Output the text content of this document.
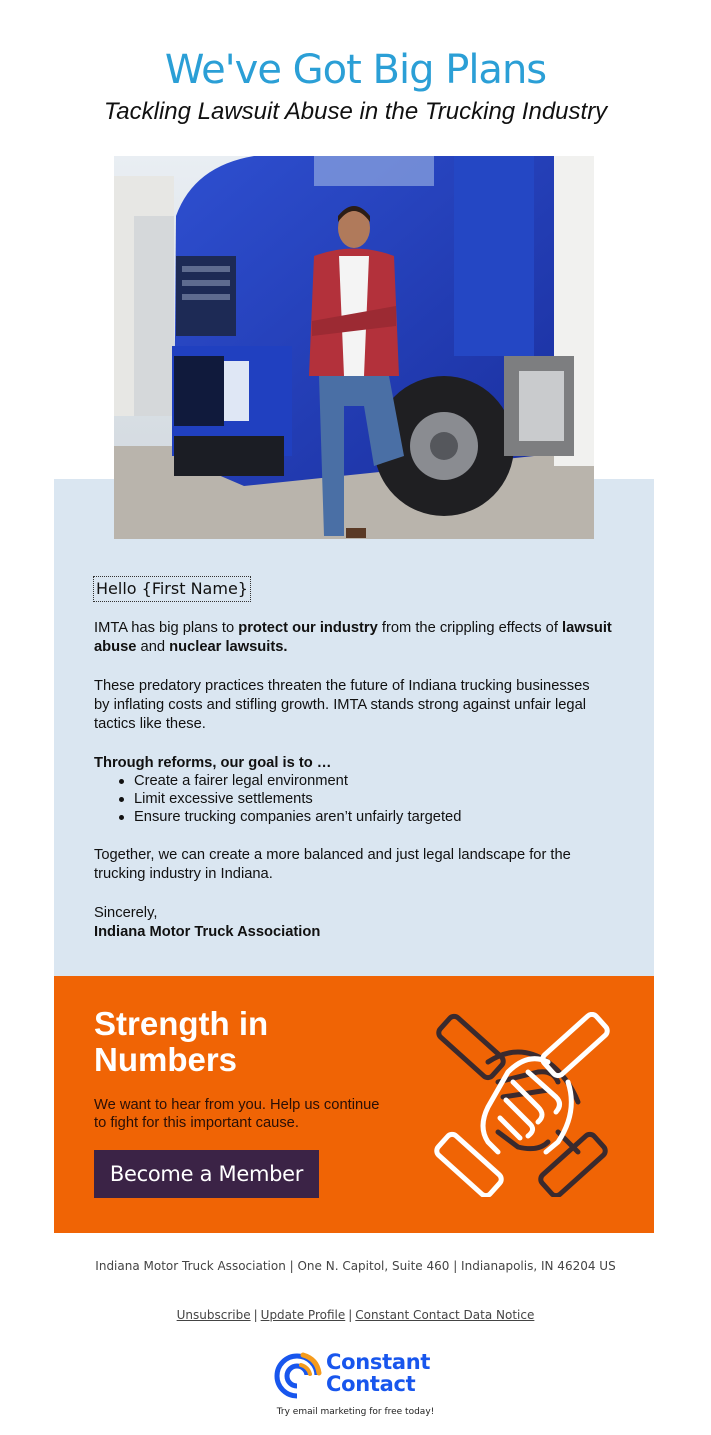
We've Got Big Plans
Tackling Lawsuit Abuse in the Trucking Industry
Hello {First Name}
IMTA has big plans to protect our industry from the crippling effects of lawsuit abuse and nuclear lawsuits.
These predatory practices threaten the future of Indiana trucking businesses by inflating costs and stifling growth. IMTA stands strong against unfair legal tactics like these.
Through reforms, our goal is to …
Create a fairer legal environment
Limit excessive settlements
Ensure trucking companies aren’t unfairly targeted
Together, we can create a more balanced and just legal landscape for the trucking industry in Indiana.
Sincerely,
Indiana Motor Truck Association
Strength in Numbers
We want to hear from you. Help us continue to fight for this important cause.
Become a Member
Indiana Motor Truck Association | One N. Capitol, Suite 460 | Indianapolis, IN 46204 US
Unsubscribe | Update Profile | Constant Contact Data Notice
Constant
Contact
Try email marketing for free today!
